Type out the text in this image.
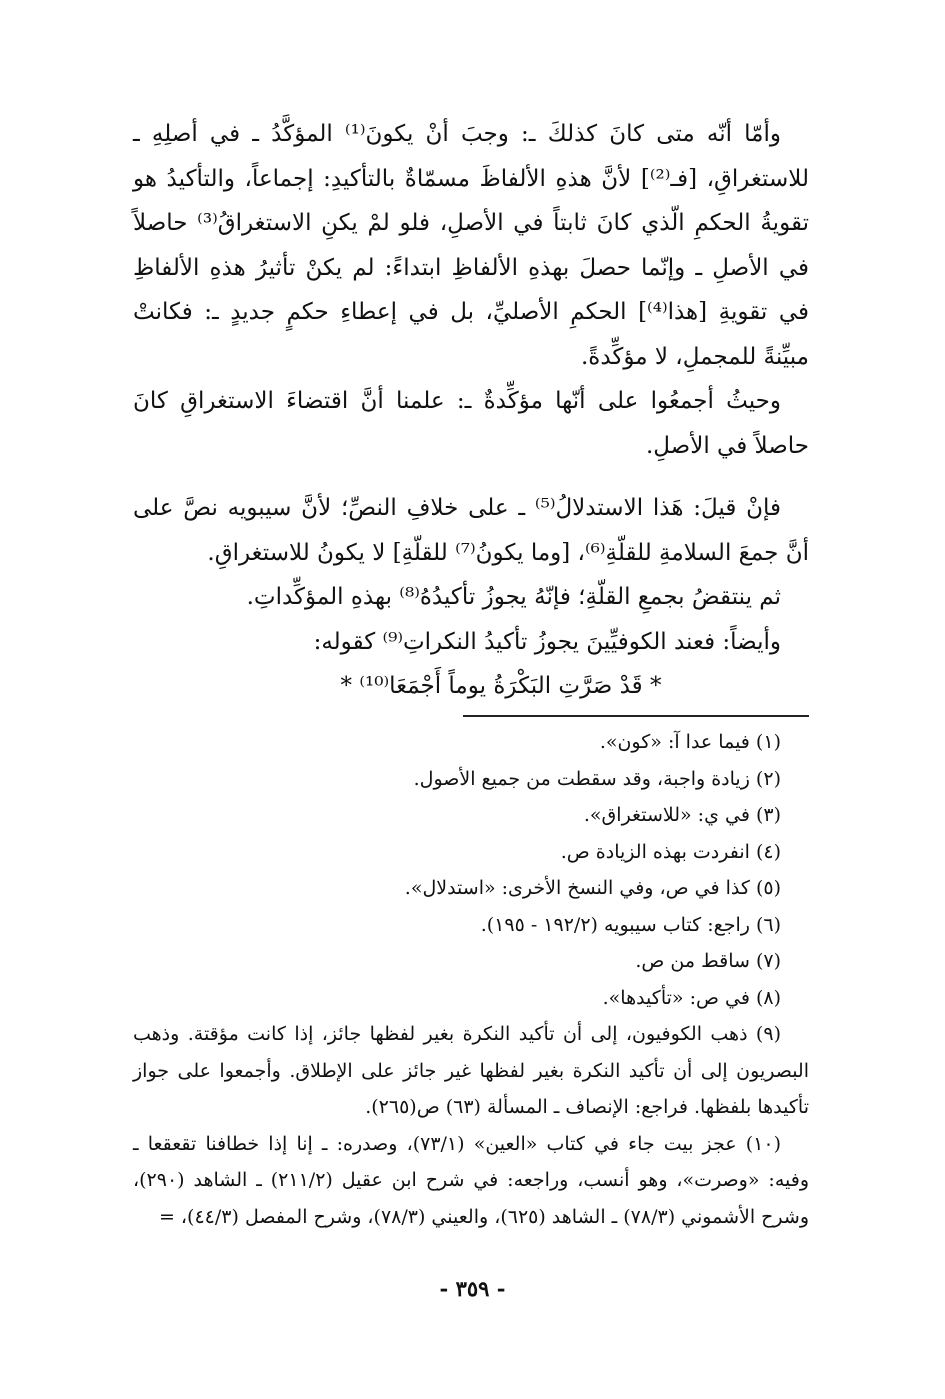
وأمّا أنّه متى كانَ كذلكَ ـ: وجبَ أنْ يكونَ⁽¹⁾ المؤكَّدُ ـ في أصلِهِ ـ للاستغراقِ، [فـ⁽²⁾] لأنَّ هذهِ الألفاظَ مسمّاةٌ بالتأكيدِ: إجماعاً، والتأكيدُ هو تقويةُ الحكمِ الّذي كانَ ثابتاً في الأصلِ، فلو لمْ يكنِ الاستغراقُ⁽³⁾ حاصلاً في الأصلِ ـ وإنّما حصلَ بهذهِ الألفاظِ ابتداءً: لم يكنْ تأثيرُ هذهِ الألفاظِ في تقويةِ [هذا⁽⁴⁾] الحكمِ الأصليِّ، بل في إعطاءِ حكمٍ جديدٍ ـ: فكانتْ مبيِّنةً للمجملِ، لا مؤكِّدةً.

وحيثُ أجمعُوا على أنّها مؤكِّدةٌ ـ: علمنا أنَّ اقتضاءَ الاستغراقِ كانَ حاصلاً في الأصلِ.

فإنْ قيلَ: هَذا الاستدلالُ⁽⁵⁾ ـ على خلافِ النصِّ؛ لأنَّ سيبويه نصَّ على أنَّ جمعَ السلامةِ للقلّةِ⁽⁶⁾، [وما يكونُ⁽⁷⁾ للقلّةِ] لا يكونُ للاستغراقِ.

ثم ينتقضُ بجمعِ القلّةِ؛ فإنّهُ يجوزُ تأكيدُهُ⁽⁸⁾ بهذهِ المؤكِّداتِ.

وأيضاً: فعند الكوفيِّينَ يجوزُ تأكيدُ النكراتِ⁽⁹⁾ كقوله:

* قَدْ صَرَّتِ البَكْرَةُ يوماً أَجْمَعَا⁽¹⁰⁾ *

(١) فيما عدا آ: «كون».

(٢) زيادة واجبة، وقد سقطت من جميع الأصول.

(٣) في ي: «للاستغراق».

(٤) انفردت بهذه الزيادة ص.

(٥) كذا في ص، وفي النسخ الأخرى: «استدلال».

(٦) راجع: كتاب سيبويه (١٩٢/٢ - ١٩٥).

(٧) ساقط من ص.

(٨) في ص: «تأكيدها».

(٩) ذهب الكوفيون، إلى أن تأكيد النكرة بغير لفظها جائز، إذا كانت مؤقتة. وذهب البصريون إلى أن تأكيد النكرة بغير لفظها غير جائز على الإطلاق. وأجمعوا على جواز تأكيدها بلفظها. فراجع: الإنصاف ـ المسألة (٦٣) ص(٢٦٥).

(١٠) عجز بيت جاء في كتاب «العين» (٧٣/١)، وصدره: ـ إنا إذا خطافنا تقعقعا ـ وفيه: «وصرت»، وهو أنسب، وراجعه: في شرح ابن عقيل (٢١١/٢) ـ الشاهد (٢٩٠)، وشرح الأشموني (٧٨/٣) ـ الشاهد (٦٢٥)، والعيني (٧٨/٣)، وشرح المفصل (٤٤/٣)، =

- ٣٥٩ -
